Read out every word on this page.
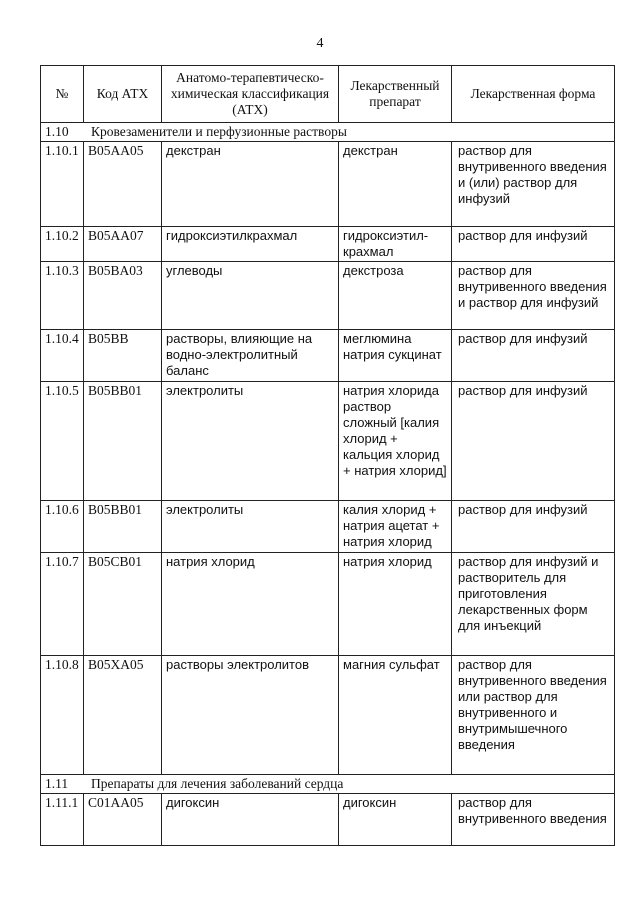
4
№	Код АТХ	Анатомо-терапевтическо-химическая классификация (АТХ)	Лекарственный препарат	Лекарственная форма
1.10 Кровезаменители и перфузионные растворы				
1.10.1	B05AA05	декстран	декстран	раствор для внутривенного введения и (или) раствор для инфузий
1.10.2	B05AA07	гидроксиэтилкрахмал	гидроксиэтил-крахмал	раствор для инфузий
1.10.3	B05BA03	углеводы	декстроза	раствор для внутривенного введения и раствор для инфузий
1.10.4	B05BB	растворы, влияющие на водно-электролитный баланс	меглюмина натрия сукцинат	раствор для инфузий
1.10.5	B05BB01	электролиты	натрия хлорида раствор сложный [калия хлорид + кальция хлорид + натрия хлорид]	раствор для инфузий
1.10.6	B05BB01	электролиты	калия хлорид + натрия ацетат + натрия хлорид	раствор для инфузий
1.10.7	B05CB01	натрия хлорид	натрия хлорид	раствор для инфузий и растворитель для приготовления лекарственных форм для инъекций
1.10.8	B05XA05	растворы электролитов	магния сульфат	раствор для внутривенного введения или раствор для внутривенного и внутримышечного введения
1.11 Препараты для лечения заболеваний сердца				
1.11.1	C01AA05	дигоксин	дигоксин	раствор для внутривенного введения
